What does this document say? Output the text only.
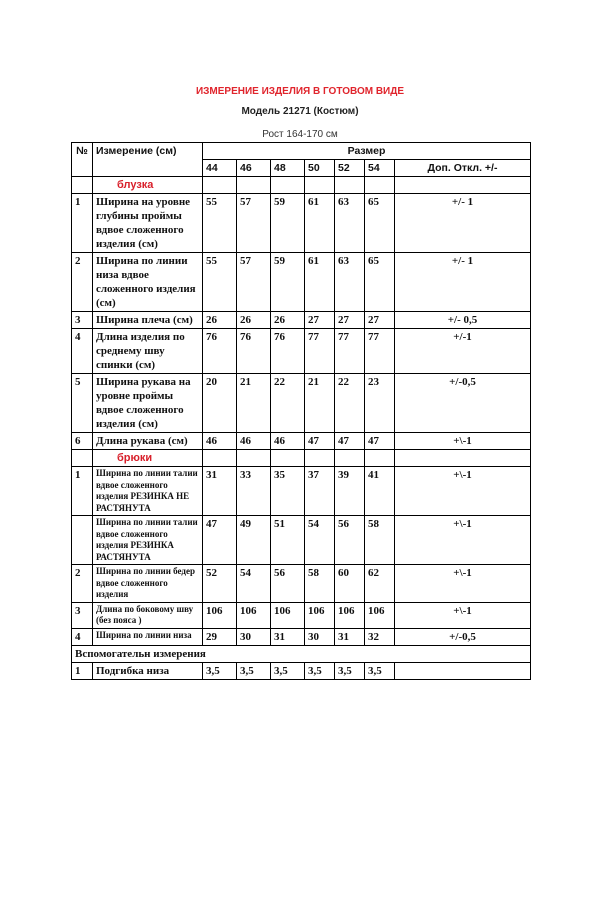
ИЗМЕРЕНИЕ ИЗДЕЛИЯ В ГОТОВОМ ВИДЕ
Модель 21271 (Костюм)
Рост 164-170 см
№	Измерение (см)	Размер						
		44	46	48	50	52	54	Доп. Откл. +/-
	блузка							
1	Ширина на уровне глубины проймы вдвое сложенного изделия (см)	55	57	59	61	63	65	+/- 1
2	Ширина по линии низа вдвое сложенного изделия (см)	55	57	59	61	63	65	+/- 1
3	Ширина плеча (см)	26	26	26	27	27	27	+/- 0,5
4	Длина изделия по среднему шву спинки (см)	76	76	76	77	77	77	+/-1
5	Ширина рукава на уровне проймы вдвое сложенного изделия (см)	20	21	22	21	22	23	+/-0,5
6	Длина рукава (см)	46	46	46	47	47	47	+\-1
	брюки							
1	Ширина по линии талии вдвое сложенного изделия РЕЗИНКА НЕ РАСТЯНУТА	31	33	35	37	39	41	+\-1
	Ширина по линии талии вдвое сложенного изделия РЕЗИНКА РАСТЯНУТА	47	49	51	54	56	58	+\-1
2	Ширина по линии бедер вдвое сложенного изделия	52	54	56	58	60	62	+\-1
3	Длина по боковому шву (без пояса )	106	106	106	106	106	106	+\-1
4	Ширина по линии низа	29	30	31	30	31	32	+/-0,5
Вспомогательн измерения								
1	Подгибка низа	3,5	3,5	3,5	3,5	3,5	3,5	
